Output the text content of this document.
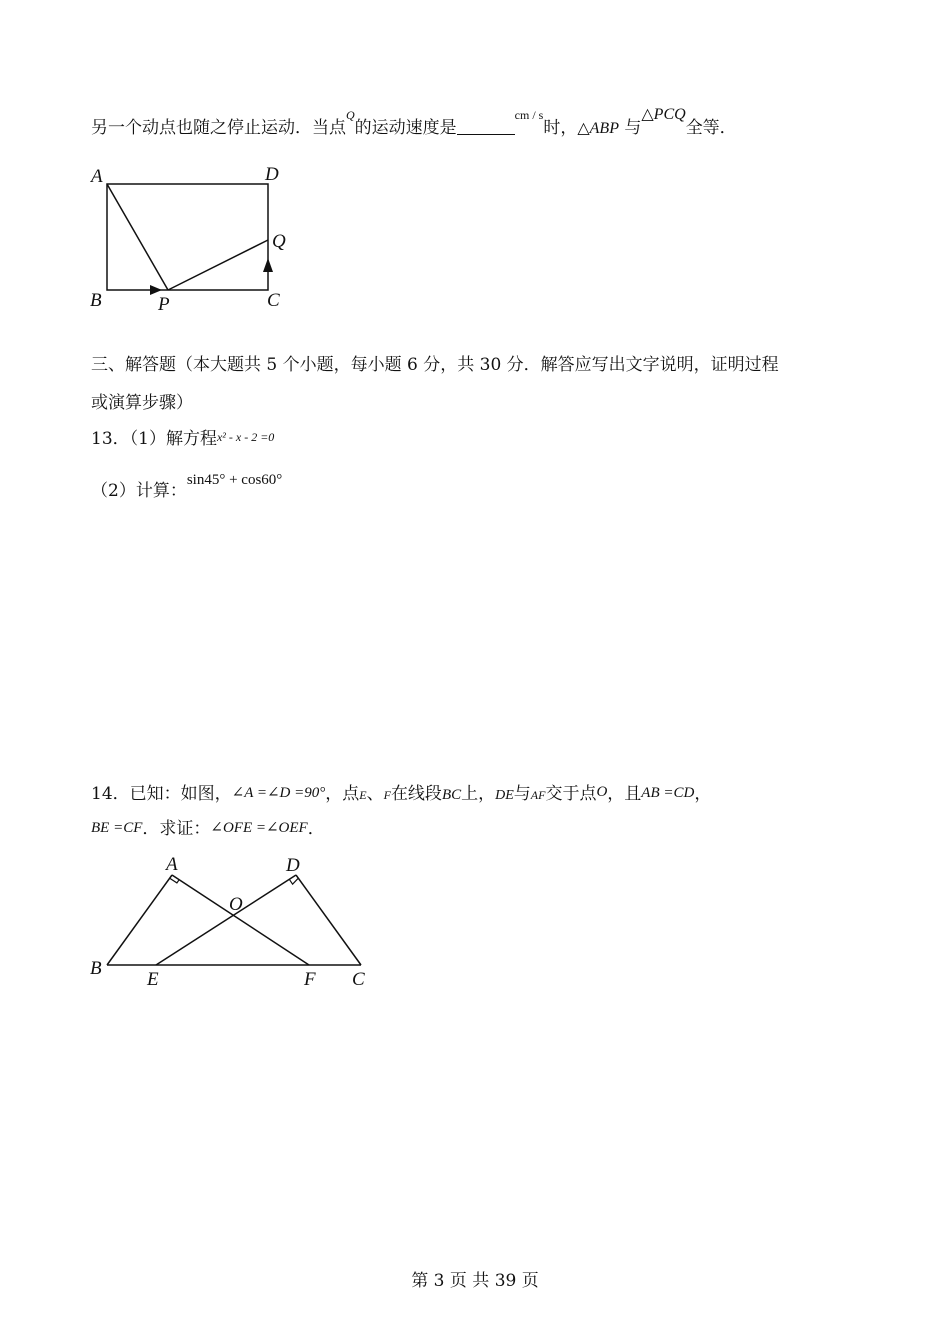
另一个动点也随之停止运动．当点$^Q$的运动速度是$^{cm / s}$时，△ABP 与△PCQ全等．
A	D
Q
B	P	C
三、解答题（本大题共 5 个小题，每小题 6 分，共 30 分．解答应写出文字说明，证明过程
或演算步骤）
13．（1）解方程x² - x - 2 =0
（2）计算：sin45° + cos60°
14．已知：如图，∠A =∠D =90°，点E、F在线段BC上，DE与AF交于点O，且AB =CD，
BE =CF．求证：∠OFE =∠OEF．
A	D
O
B
E	F C
第 3 页 共 39 页
